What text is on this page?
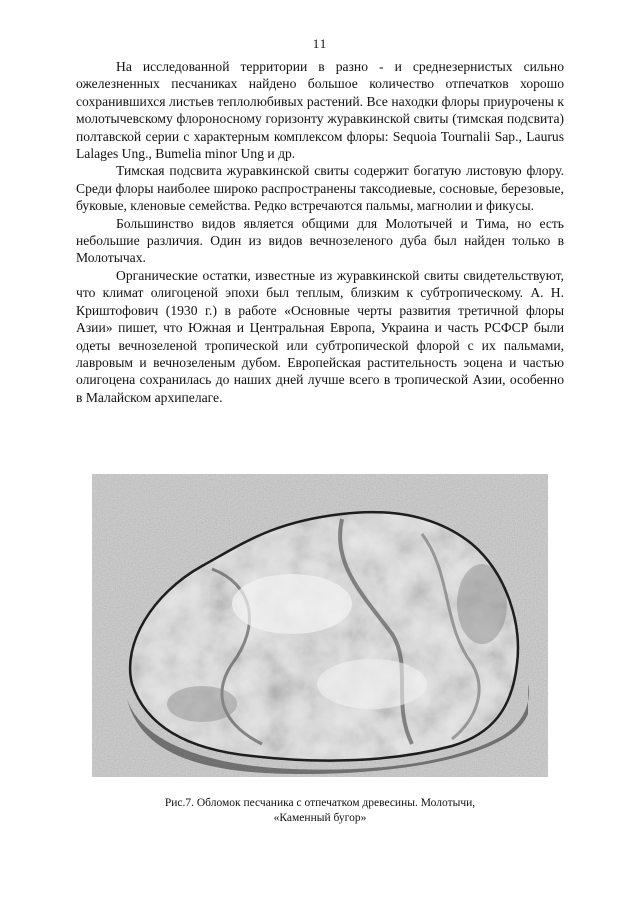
11

На исследованной территории в разно - и среднезернистых сильно ожелезненных песчаниках найдено большое количество отпечатков хорошо сохранившихся листьев теплолюбивых растений. Все находки флоры приурочены к молотычевскому флороносному горизонту журавкинской свиты (тимская подсвита) полтавской серии с характерным комплексом флоры: Sequoia Tournalii Sap., Laurus Lalages Ung., Bumelia minor Ung и др.

Тимская подсвита журавкинской свиты содержит богатую листовую флору. Среди флоры наиболее широко распространены таксодиевые, сосновые, березовые, буковые, кленовые семейства. Редко встречаются пальмы, магнолии и фикусы.

Большинство видов является общими для Молотычей и Тима, но есть небольшие различия. Один из видов вечнозеленого дуба был найден только в Молотычах.

Органические остатки, известные из журавкинской свиты свидетельствуют, что климат олигоценой эпохи был теплым, близким к субтропическому. А. Н. Криштофович (1930 г.) в работе «Основные черты развития третичной флоры Азии» пишет, что Южная и Центральная Европа, Украина и часть РСФСР были одеты вечнозеленой тропической или субтропической флорой с их пальмами, лавровым и вечнозеленым дубом. Европейская растительность эоцена и частью олигоцена сохранилась до наших дней лучше всего в тропической Азии, особенно в Малайском архипелаге.

Рис.7. Обломок песчаника с отпечатком древесины. Молотычи,
«Каменный бугор»
